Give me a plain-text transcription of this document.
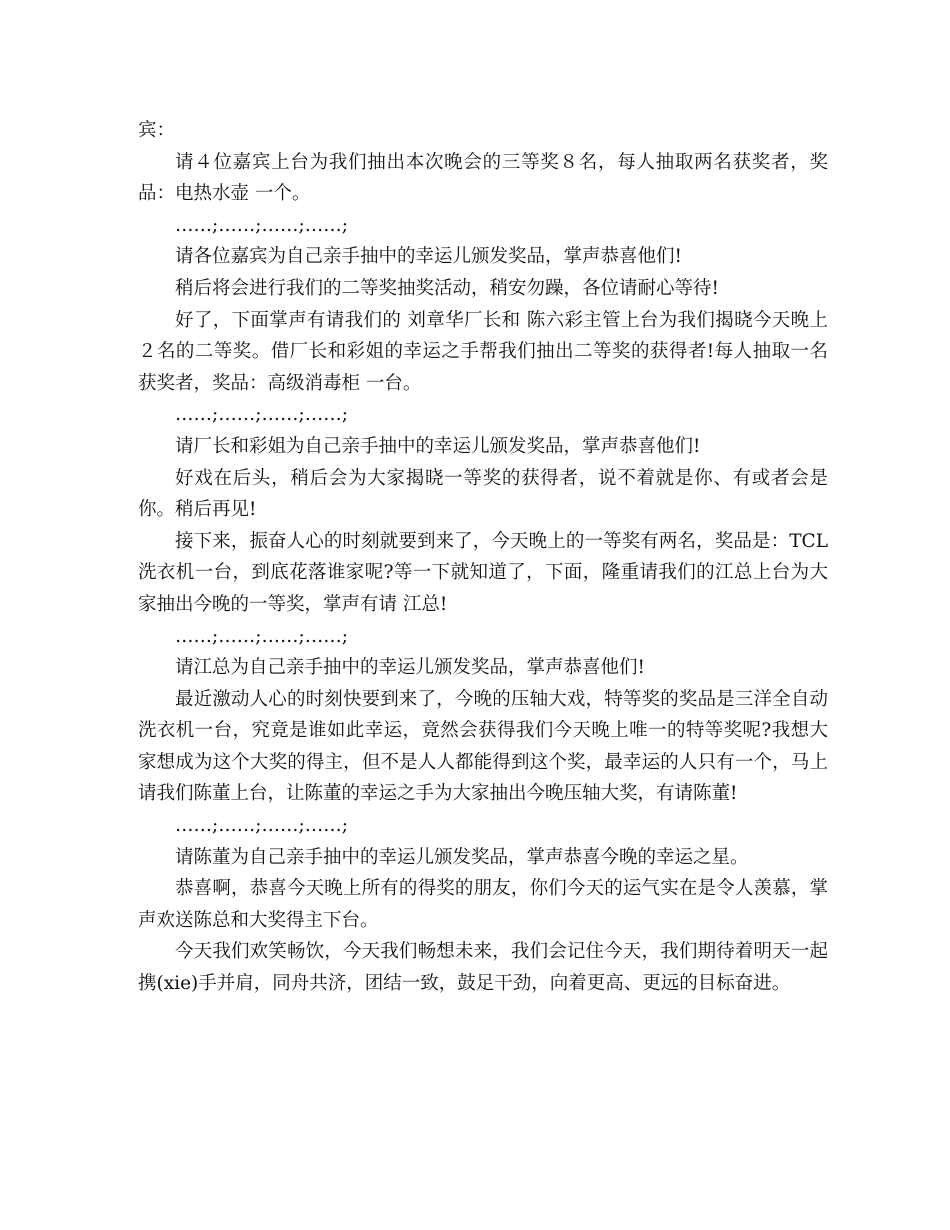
宾：

请４位嘉宾上台为我们抽出本次晚会的三等奖８名，每人抽取两名获奖者，奖品：电热水壶 一个。

……;……;……;……;

请各位嘉宾为自己亲手抽中的幸运儿颁发奖品，掌声恭喜他们!

稍后将会进行我们的二等奖抽奖活动，稍安勿躁，各位请耐心等待!

好了，下面掌声有请我们的 刘章华厂长和 陈六彩主管上台为我们揭晓今天晚上２名的二等奖。借厂长和彩姐的幸运之手帮我们抽出二等奖的获得者!每人抽取一名获奖者，奖品：高级消毒柜 一台。

……;……;……;……;

请厂长和彩姐为自己亲手抽中的幸运儿颁发奖品，掌声恭喜他们!

好戏在后头，稍后会为大家揭晓一等奖的获得者，说不着就是你、有或者会是你。稍后再见!

接下来，振奋人心的时刻就要到来了，今天晚上的一等奖有两名，奖品是：TCL洗衣机一台，到底花落谁家呢?等一下就知道了，下面，隆重请我们的江总上台为大家抽出今晚的一等奖，掌声有请 江总!

……;……;……;……;

请江总为自己亲手抽中的幸运儿颁发奖品，掌声恭喜他们!

最近激动人心的时刻快要到来了，今晚的压轴大戏，特等奖的奖品是三洋全自动洗衣机一台，究竟是谁如此幸运，竟然会获得我们今天晚上唯一的特等奖呢?我想大家想成为这个大奖的得主，但不是人人都能得到这个奖，最幸运的人只有一个，马上请我们陈董上台，让陈董的幸运之手为大家抽出今晚压轴大奖，有请陈董!

……;……;……;……;

请陈董为自己亲手抽中的幸运儿颁发奖品，掌声恭喜今晚的幸运之星。

恭喜啊，恭喜今天晚上所有的得奖的朋友，你们今天的运气实在是令人羡慕，掌声欢送陈总和大奖得主下台。

今天我们欢笑畅饮，今天我们畅想未来，我们会记住今天，我们期待着明天一起携(xie)手并肩，同舟共济，团结一致，鼓足干劲，向着更高、更远的目标奋进。
